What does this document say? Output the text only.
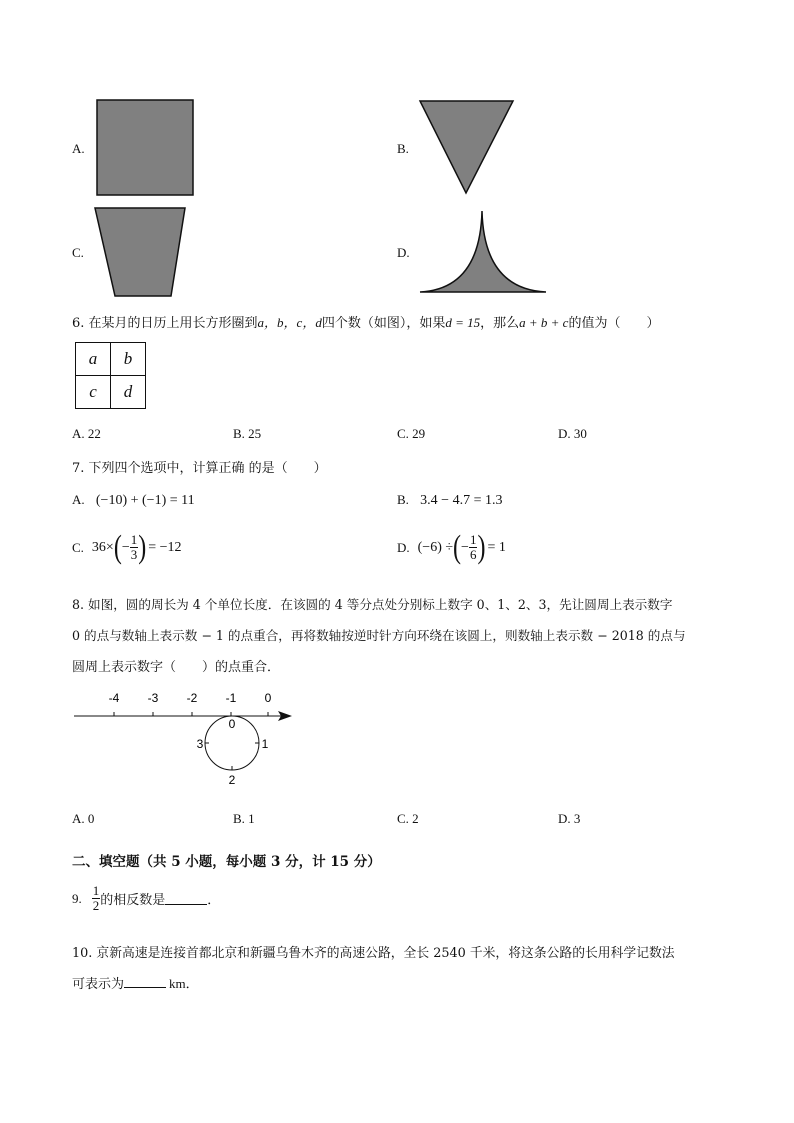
A.	B.
C.	D.
6. 在某月的日历上用长方形圈到a，b，c，d四个数（如图），如果d = 15，那么a + b + c的值为（　　）
a	b
c	d
A. 22	B. 25	C. 29	D. 30
7. 下列四个选项中，计算正确 的是（　　）
A. (−10) + (−1) = 11	B. 3.4 − 4.7 = 1.3
C. 36× ( − $\frac{1}{3}$ ) = −12	D. (−6) ÷ ( − $\frac{1}{6}$ ) = 1
8. 如图，圆的周长为 4 个单位长度．在该圆的 4 等分点处分别标上数字 0、1、2、3，先让圆周上表示数字
0 的点与数轴上表示数 − 1 的点重合，再将数轴按逆时针方向环绕在该圆上，则数轴上表示数 − 2018 的点与
圆周上表示数字（　　）的点重合．
-4 -3 -2 -1 0
0
1
2
3
A. 0	B. 1	C. 2	D. 3
二、填空题（共 5 小题，每小题 3 分，计 15 分）
9. $\frac{1}{2}$ 的相反数是	．
10. 京新高速是连接首都北京和新疆乌鲁木齐的高速公路，全长 2540 千米，将这条公路的长用科学记数法
可表示为	km．
